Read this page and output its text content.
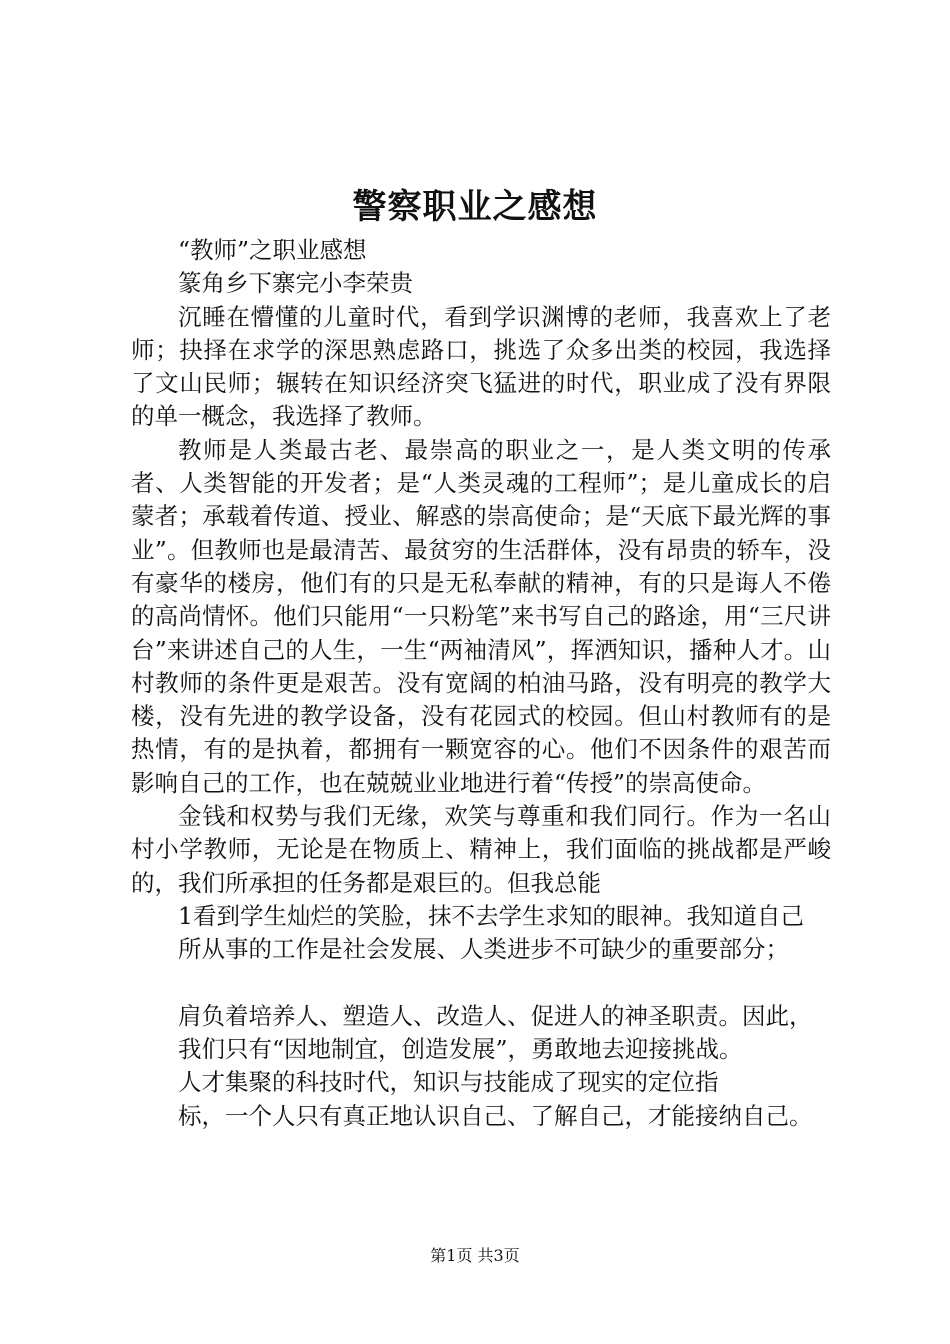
警察职业之感想

“教师”之职业感想

篆角乡下寨完小李荣贵

沉睡在懵懂的儿童时代，看到学识渊博的老师，我喜欢上了老师；抉择在求学的深思熟虑路口，挑选了众多出类的校园，我选择了文山民师；辗转在知识经济突飞猛进的时代，职业成了没有界限的单一概念，我选择了教师。

教师是人类最古老、最崇高的职业之一，是人类文明的传承者、人类智能的开发者；是“人类灵魂的工程师”；是儿童成长的启蒙者；承载着传道、授业、解惑的崇高使命；是“天底下最光辉的事业”。但教师也是最清苦、最贫穷的生活群体，没有昂贵的轿车，没有豪华的楼房，他们有的只是无私奉献的精神，有的只是诲人不倦的高尚情怀。他们只能用“一只粉笔”来书写自己的路途，用“三尺讲台”来讲述自己的人生，一生“两袖清风”，挥洒知识，播种人才。山村教师的条件更是艰苦。没有宽阔的柏油马路，没有明亮的教学大楼，没有先进的教学设备，没有花园式的校园。但山村教师有的是热情，有的是执着，都拥有一颗宽容的心。他们不因条件的艰苦而影响自己的工作，也在兢兢业业地进行着“传授”的崇高使命。

金钱和权势与我们无缘，欢笑与尊重和我们同行。作为一名山村小学教师，无论是在物质上、精神上，我们面临的挑战都是严峻的，我们所承担的任务都是艰巨的。但我总能

1看到学生灿烂的笑脸，抹不去学生求知的眼神。我知道自己

所从事的工作是社会发展、人类进步不可缺少的重要部分；

肩负着培养人、塑造人、改造人、促进人的神圣职责。因此，

我们只有“因地制宜，创造发展”，勇敢地去迎接挑战。

人才集聚的科技时代，知识与技能成了现实的定位指

标，一个人只有真正地认识自己、了解自己，才能接纳自己。

第1页 共3页
